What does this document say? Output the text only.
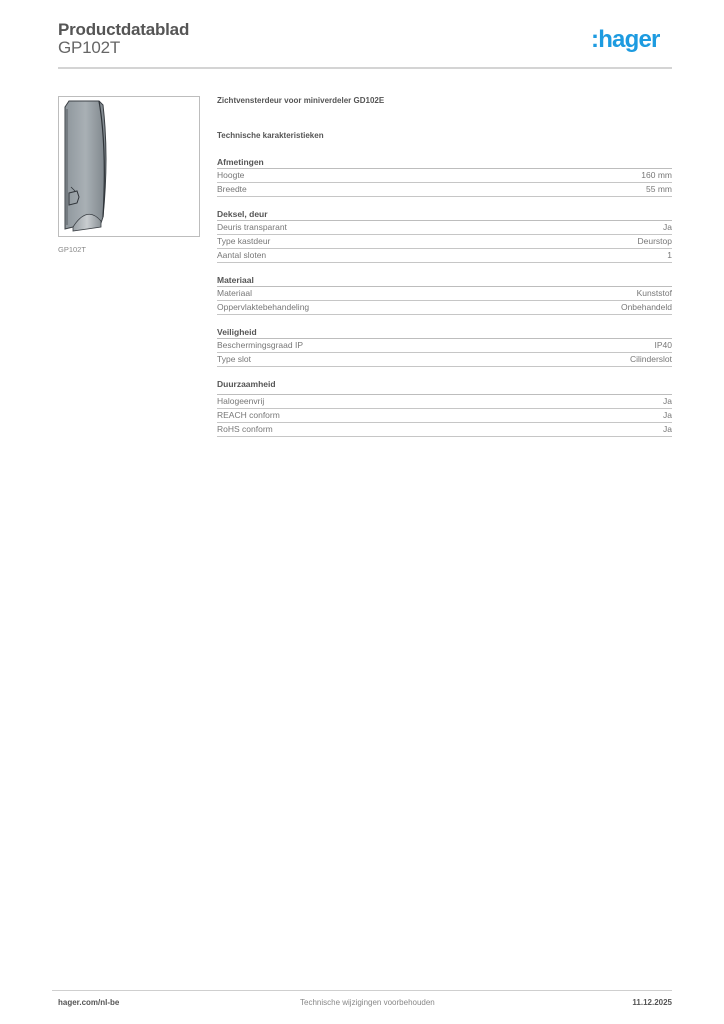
Productdatablad
GP102T	:hager
GP102T
Zichtvensterdeur voor miniverdeler GD102E
Technische karakteristieken
Afmetingen
Hoogte	160 mm
Breedte	55 mm
Deksel, deur
Deuris transparant	Ja
Type kastdeur	Deurstop
Aantal sloten	1
Materiaal
Materiaal	Kunststof
Oppervlaktebehandeling	Onbehandeld
Veiligheid
Beschermingsgraad IP	IP40
Type slot	Cilinderslot
Duurzaamheid
Halogeenvrij	Ja
REACH conform	Ja
RoHS conform	Ja
hager.com/nl-be	Technische wijzigingen voorbehouden	11.12.2025
